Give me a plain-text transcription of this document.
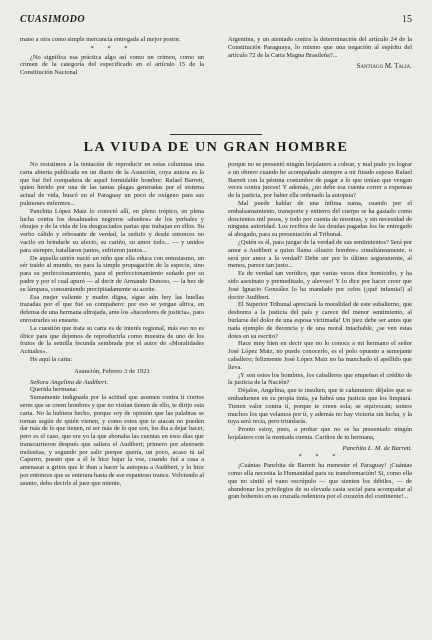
CUASIMODO	15

mano a otra como simple mercancía entregada al mejor postor.

* * *

¿No significa esa práctica algo así como un crimen, como un crimen de la categoría del especificado en el artículo 15 de la Constitución Nacional

Argentina, y un atentado contra la determinación del artículo 24 de la Constitución Paraguaya, lo mismo que una negación al espíritu del artículo 72 de la Carta Magna Brasileña?...

Santiago M. Talia.
LA VIUDA DE UN GRAN HOMBRE

No resistimos a la tentación de reproducir en estas columnas una carta abierta publicada en un diario de la Asunción, cuya autora es la que fué fiel compañera de aquel formidable hombre: Rafael Barrett, quien herido por una de las tantas plagas generadas por el sistema actual de vida, buscó en el Paraguay un poco de oxígeno para sus pulmones enfermos...

Panchita López Maiz lo conoció allí, en pleno trópico, en plena lucha contra los desalmados negreros «dueños» de los yerbales y obrajes y de la vida de los desgraciados parias que trabajan en ellos. Su verbo cálido y rebosante de verdad, la seduJo y desde entonces no vacilo en brindarle su afecto, su cariño, su amor todo... — y unidos para siempre, batallaron juntos, sufrieron juntos...

De aquella unión nació un niño que ella educa con entusiasmo, un sér traído al mundo, no para la simple propagación de la especie, sino para su perfeccionamiento, para el perfeccionamiento soñado por su padre y por el cual apuró — al decir de Armando Donoso, — la hez de su lámpara, consumiendo precipitadamente su aceite.

Esa mujer valiente y madre digna, sigue aún hoy las huellas trazadas por el que fué su compañero: por eso se yergue altiva, en defensa de una hermana ultrajada, ante los «hacedores de justicia», para enrostrarles su ensuete.

La cuestión que trata su carta es de interés regional, más eso no es óbice para que dejemos de reproducirla como muestra de uno de los frutos de la semilla fecunda sembrada por el autor de «Moralidades Actuales».

He aquí la carta:

Asunción, Febrero 3 de 1921

Señora Angelina de Audibert.

Querida hermana:

Sumamente indignada por la actitud que asumen contra tí ciertos seres que se creen hombres y que no visitan tienen de ello, te dirijo esta carta. No la hubiera hecho, porque soy de opinión que las palabras se tornan según de quién vienen, y como estos que te atacan no pueden dar más de lo que tienen, ni ser más de lo que son, los iba a dejar hacer, pero es el caso, que era yo la que abonaba las cuentas en esos días que transcurrieron después que saliera el Audibert; primero por ahorrarte molestias, y segundo por salir porque quería, un poco, acaso tú tal Capurro, puesto que a él le hice bajar la voz, cuando fué a casa a amenazar a gritos que le iban a hacer la autopsia a Audibert, y lo hice por entonces que se enterara hasta de ese espantoso trance. Volviendo al asunto, debo decirle al juez que miente,

porque no se presentó ningún hojalatero a cobrar, y mal pudo yo lograr a un obrero cuando he acompañado siempre a mi finado esposo Rafael Barrett con la pésima costumbre de pagar a lo que tenían que vengan veces contra jueces! Y además, ¿no debe esa cuenta correr a expensas de la justicia, por haber ella ordenado la autopsia?

Mal puede hablar de una ínfima suma, cuando por el embalsamamiento, transporte y entierro del cuerpo se ha gastado como doscientos mil pesos, y todo por cuenta de nosotras, y sin necesidad de ninguna autoridad. Los recibos de las deudas pagadas los he entregado al abogado, para su presentación al Tribunal.

¿Quién es él, para juzgar de la verdad de sus sentimientos? Será por amor a Audibert a quien llama «ilustre hombre» simultáneamente, o será por amor a la verdad? Debe ser por lo último seguramente, al menos, parece tan justo...

Es de verdad tan verídico, que varias veces dice homicidio, y ha sido asesinato y premeditado, y alevoso! Y lo dice por hacer creer que José Ignacio González lo ha mandado por celos (¡qué infamia!) al doctor Audibert.

El Superior Tribunal apreciará la moralidad de este subalterno, que deshonra a la justicia del país y carece del menor sentimiento, al burlarse del dolor de una esposa víctimada! Un juez debe ser antes que nada ejemplo de decencia y de una moral intachable, ¿se ven estas dotes en su escrito?

Hace muy bien en decir que no lo conoce a mi hermano el señor José López Maiz, no puede conocerlo, es el polo opuesto a semejante caballero; felizmente José López Maiz no ha manchado el apellido que lleva.

¡Y son estos los hombres, los caballeros que empeñan el crédito de la justicia de la Nación?

Déjalos, Angelina, que te insulten, que te calumnien: déjalos que se embadurnen en su propia tinta, ya habrá una justicia que los limpiará. Tienen valor contra tí, porque te creen sola; se equivocan; somos muchos los que velamos por tí, y además no hay victoria sin lucha, y la tuya será recia, pero triunfarás.

Pronto estoy, pues, a probar que no se ha presentado ningún hojalatero con la mentada cuenta. Cariños de tu hermana,

Panchita L. M. de Barrett.
* * *

¡Cuántas Panchita de Barrett ha menester el Paraguay! ¡Cuántas como ella necesita la Humanidad para su transformación! Si, como ella que no sintió el vano escrúpulo — que sienten los débiles, — de abandonar los privilegios de su elevada casta social para acompañar al gran bohemio en su cruzada redentora por el corazón del continente!...
